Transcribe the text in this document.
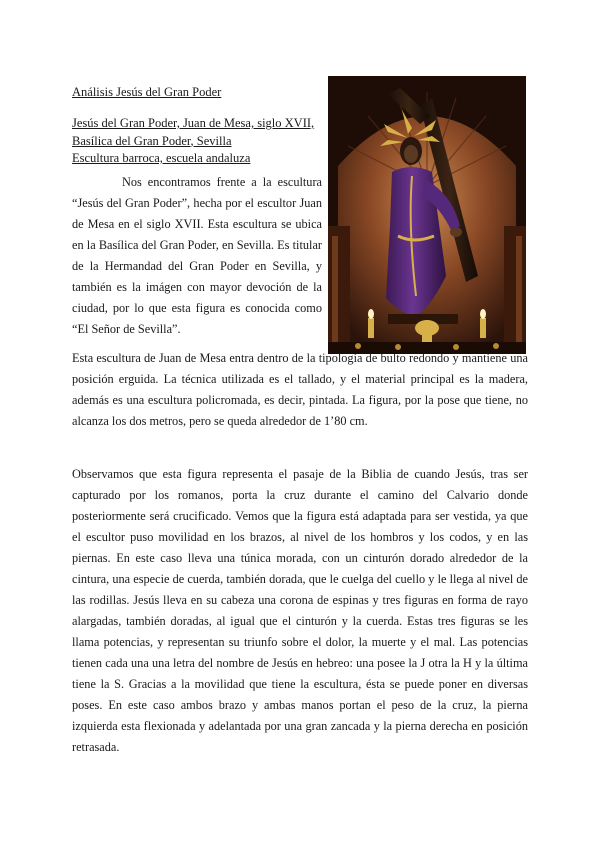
Análisis Jesús del Gran Poder
Jesús del Gran Poder, Juan de Mesa, siglo XVII,
Basílica del Gran Poder, Sevilla
Escultura barroca, escuela andaluza

Nos encontramos frente a la escultura “Jesús del Gran Poder”, hecha por el escultor Juan de Mesa en el siglo XVII. Esta escultura se ubica en la Basílica del Gran Poder, en Sevilla. Es titular de la Hermandad del Gran Poder en Sevilla, y también es la imágen con mayor devoción de la ciudad, por lo que esta figura es conocida como “El Señor de Sevilla”.

Esta escultura de Juan de Mesa entra dentro de la tipología de bulto redondo y mantiene una posición erguida. La técnica utilizada es el tallado, y el material principal es la madera, además es una escultura policromada, es decir, pintada. La figura, por la pose que tiene, no alcanza los dos metros, pero se queda alrededor de 1’80 cm.

Observamos que esta figura representa el pasaje de la Biblia de cuando Jesús, tras ser capturado por los romanos, porta la cruz durante el camino del Calvario donde posteriormente será crucificado. Vemos que la figura está adaptada para ser vestida, ya que el escultor puso movilidad en los brazos, al nivel de los hombros y los codos, y en las piernas. En este caso lleva una túnica morada, con un cinturón dorado alrededor de la cintura, una especie de cuerda, también dorada, que le cuelga del cuello y le llega al nivel de las rodillas. Jesús lleva en su cabeza una corona de espinas y tres figuras en forma de rayo alargadas, también doradas, al igual que el cinturón y la cuerda. Estas tres figuras se les llama potencias, y representan su triunfo sobre el dolor, la muerte y el mal. Las potencias tienen cada una una letra del nombre de Jesús en hebreo: una posee la J otra la H y la última tiene la S. Gracias a la movilidad que tiene la escultura, ésta se puede poner en diversas poses. En este caso ambos brazo y ambas manos portan el peso de la cruz, la pierna izquierda esta flexionada y adelantada por una gran zancada y la pierna derecha en posición retrasada.
